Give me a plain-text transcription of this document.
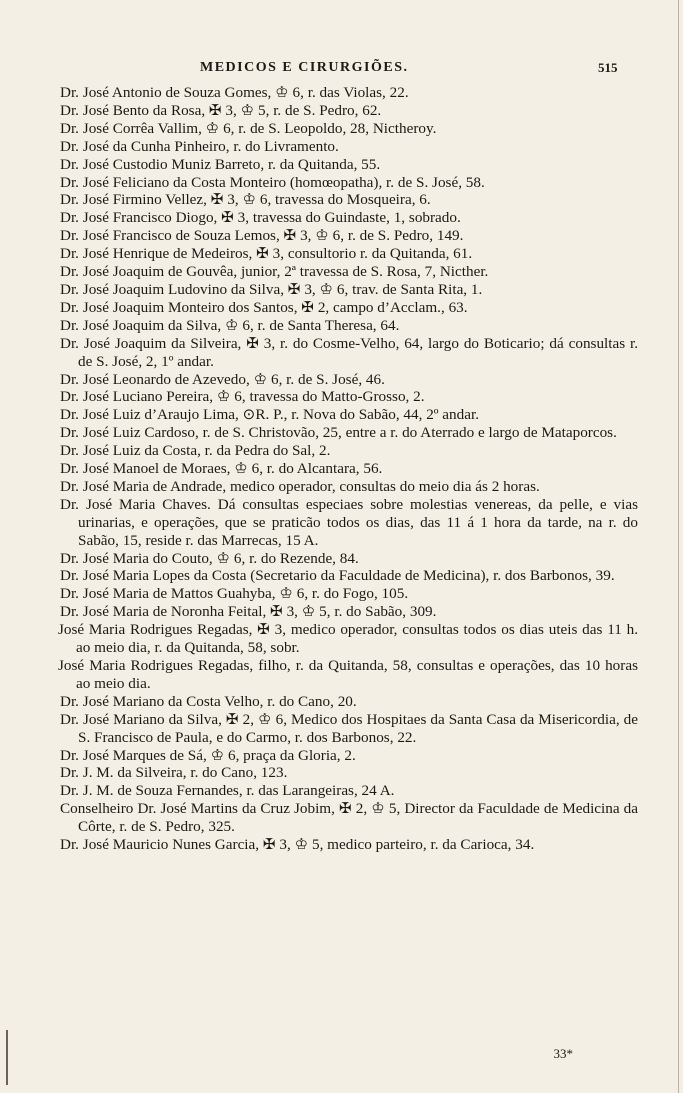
MEDICOS E CIRURGIÕES.	515
Dr. José Antonio de Souza Gomes, ♔ 6, r. das Violas, 22.
Dr. José Bento da Rosa, ✠ 3, ♔ 5, r. de S. Pedro, 62.
Dr. José Corrêa Vallim, ♔ 6, r. de S. Leopoldo, 28, Nictheroy.
Dr. José da Cunha Pinheiro, r. do Livramento.
Dr. José Custodio Muniz Barreto, r. da Quitanda, 55.
Dr. José Feliciano da Costa Monteiro (homœopatha), r. de S. José, 58.
Dr. José Firmino Vellez, ✠ 3, ♔ 6, travessa do Mosqueira, 6.
Dr. José Francisco Diogo, ✠ 3, travessa do Guindaste, 1, sobrado.
Dr. José Francisco de Souza Lemos, ✠ 3, ♔ 6, r. de S. Pedro, 149.
Dr. José Henrique de Medeiros, ✠ 3, consultorio r. da Quitanda, 61.
Dr. José Joaquim de Gouvêa, junior, 2ª travessa de S. Rosa, 7, Nicther.
Dr. José Joaquim Ludovino da Silva, ✠ 3, ♔ 6, trav. de Santa Rita, 1.
Dr. José Joaquim Monteiro dos Santos, ✠ 2, campo d’Acclam., 63.
Dr. José Joaquim da Silva, ♔ 6, r. de Santa Theresa, 64.
Dr. José Joaquim da Silveira, ✠ 3, r. do Cosme-Velho, 64, largo do Boticario; dá consultas r. de S. José, 2, 1º andar.
Dr. José Leonardo de Azevedo, ♔ 6, r. de S. José, 46.
Dr. José Luciano Pereira, ♔ 6, travessa do Matto-Grosso, 2.
Dr. José Luiz d’Araujo Lima, ⊙R. P., r. Nova do Sabão, 44, 2º andar.
Dr. José Luiz Cardoso, r. de S. Christovão, 25, entre a r. do Aterrado e largo de Mataporcos.
Dr. José Luiz da Costa, r. da Pedra do Sal, 2.
Dr. José Manoel de Moraes, ♔ 6, r. do Alcantara, 56.
Dr. José Maria de Andrade, medico operador, consultas do meio dia ás 2 horas.
Dr. José Maria Chaves. Dá consultas especiaes sobre molestias venereas, da pelle, e vias urinarias, e operações, que se praticão todos os dias, das 11 á 1 hora da tarde, na r. do Sabão, 15, reside r. das Marrecas, 15 A.
Dr. José Maria do Couto, ♔ 6, r. do Rezende, 84.
Dr. José Maria Lopes da Costa (Secretario da Faculdade de Medicina), r. dos Barbonos, 39.
Dr. José Maria de Mattos Guahyba, ♔ 6, r. do Fogo, 105.
Dr. José Maria de Noronha Feital, ✠ 3, ♔ 5, r. do Sabão, 309.
José Maria Rodrigues Regadas, ✠ 3, medico operador, consultas todos os dias uteis das 11 h. ao meio dia, r. da Quitanda, 58, sobr.
José Maria Rodrigues Regadas, filho, r. da Quitanda, 58, consultas e operações, das 10 horas ao meio dia.
Dr. José Mariano da Costa Velho, r. do Cano, 20.
Dr. José Mariano da Silva, ✠ 2, ♔ 6, Medico dos Hospitaes da Santa Casa da Misericordia, de S. Francisco de Paula, e do Carmo, r. dos Barbonos, 22.
Dr. José Marques de Sá, ♔ 6, praça da Gloria, 2.
Dr. J. M. da Silveira, r. do Cano, 123.
Dr. J. M. de Souza Fernandes, r. das Larangeiras, 24 A.
Conselheiro Dr. José Martins da Cruz Jobim, ✠ 2, ♔ 5, Director da Faculdade de Medicina da Côrte, r. de S. Pedro, 325.
Dr. José Mauricio Nunes Garcia, ✠ 3, ♔ 5, medico parteiro, r. da Carioca, 34.
33*
